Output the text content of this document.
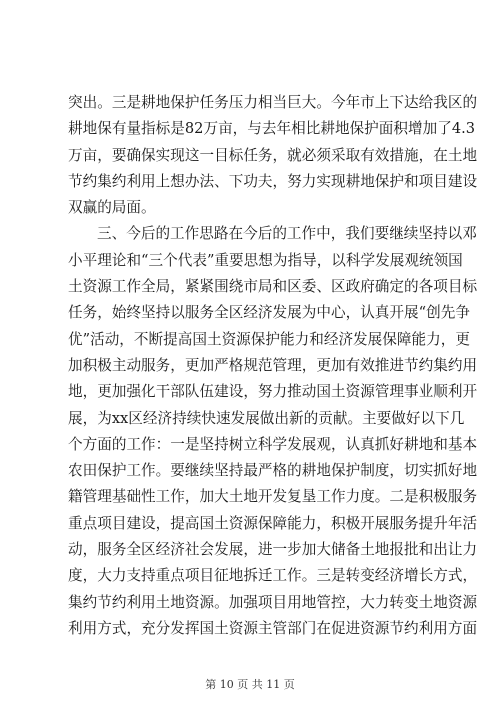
突 出 。 三 是 耕 地 保 护 任 务 压 力 相 当 巨 大 。 今 年 市 上 下 达 给 我 区 的
耕 地 保 有 量 指 标 是 82 万 亩 ， 与 去 年 相 比 耕 地 保 护 面 积 增 加 了 4.3
万 亩 ， 要 确 保 实 现 这 一 目 标 任 务 ， 就 必 须 采 取 有 效 措 施 ， 在 土 地
节 约 集 约 利 用 上 想 办 法 、 下 功 夫 ， 努 力 实 现 耕 地 保 护 和 项 目 建 设
双赢的局面。
三 、 今 后 的 工 作 思 路 在 今 后 的 工 作 中 ， 我 们 要 继 续 坚 持 以 邓
小 平 理 论 和 “ 三 个 代 表 ” 重 要 思 想 为 指 导 ， 以 科 学 发 展 观 统 领 国
土 资 源 工 作 全 局 ， 紧 紧 围 绕 市 局 和 区 委 、 区 政 府 确 定 的 各 项 目 标
任 务 ， 始 终 坚 持 以 服 务 全 区 经 济 发 展 为 中 心 ， 认 真 开 展 “ 创 先 争
优 ” 活 动 ， 不 断 提 高 国 土 资 源 保 护 能 力 和 经 济 发 展 保 障 能 力 ， 更
加 积 极 主 动 服 务 ， 更 加 严 格 规 范 管 理 ， 更 加 有 效 推 进 节 约 集 约 用
地 ， 更 加 强 化 干 部 队 伍 建 设 ， 努 力 推 动 国 土 资 源 管 理 事 业 顺 利 开
展 ， 为 xx 区 经 济 持 续 快 速 发 展 做 出 新 的 贡 献 。 主 要 做 好 以 下 几
个 方 面 的 工 作 ： 一 是 坚 持 树 立 科 学 发 展 观 ， 认 真 抓 好 耕 地 和 基 本
农 田 保 护 工 作 。 要 继 续 坚 持 最 严 格 的 耕 地 保 护 制 度 ， 切 实 抓 好 地
籍 管 理 基 础 性 工 作 ， 加 大 土 地 开 发 复 垦 工 作 力 度 。 二 是 积 极 服 务
重 点 项 目 建 设 ， 提 高 国 土 资 源 保 障 能 力 ， 积 极 开 展 服 务 提 升 年 活
动 ， 服 务 全 区 经 济 社 会 发 展 ， 进 一 步 加 大 储 备 土 地 报 批 和 出 让 力
度 ， 大 力 支 持 重 点 项 目 征 地 拆 迁 工 作 。 三 是 转 变 经 济 增 长 方 式 ，
集 约 节 约 利 用 土 地 资 源 。 加 强 项 目 用 地 管 控 ， 大 力 转 变 土 地 资 源
利 用 方 式 ， 充 分 发 挥 国 土 资 源 主 管 部 门 在 促 进 资 源 节 约 利 用 方 面
第 10 页 共 11 页
